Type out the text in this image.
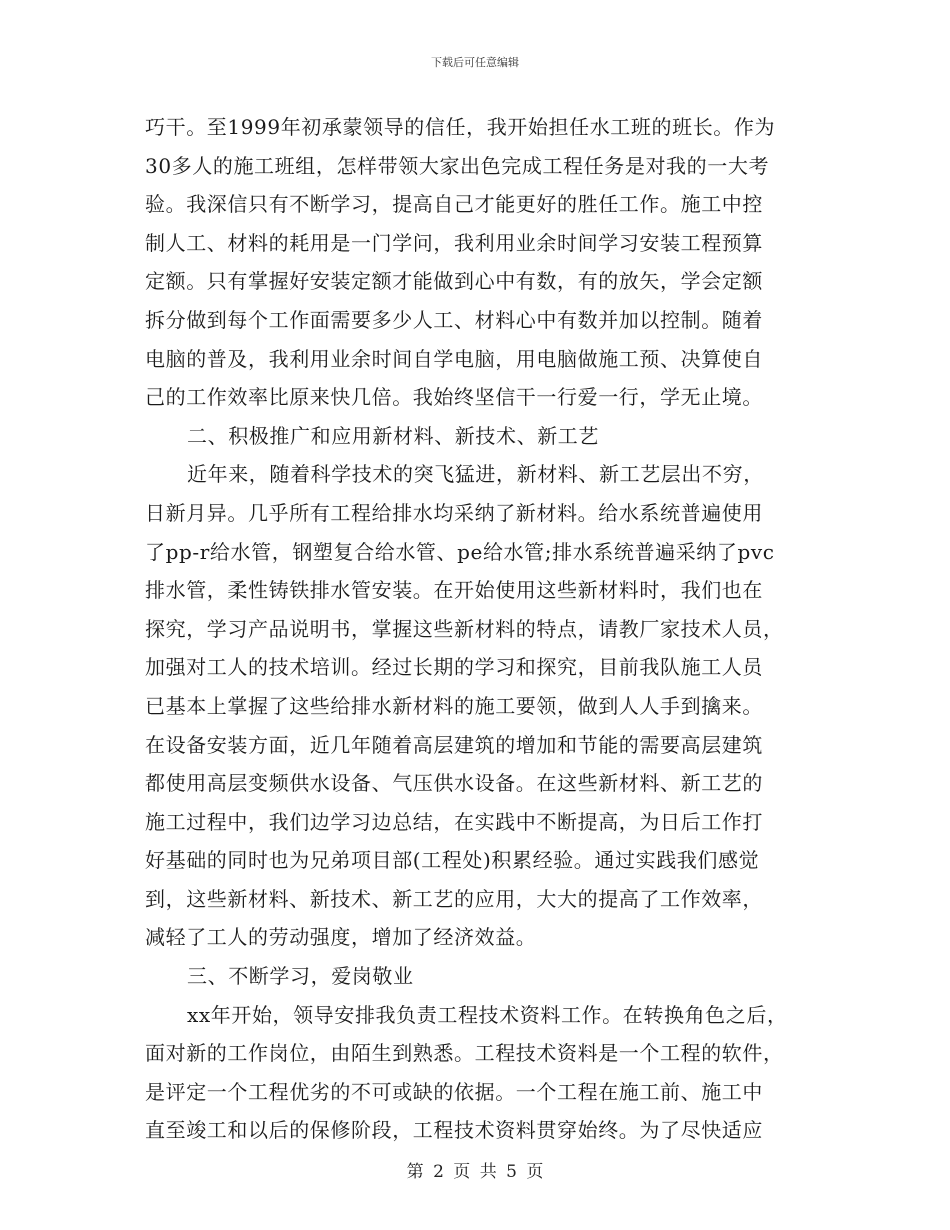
下载后可任意编辑
巧干。至1999年初承蒙领导的信任，我开始担任水工班的班长。作为
30多人的施工班组，怎样带领大家出色完成工程任务是对我的一大考
验。我深信只有不断学习，提高自己才能更好的胜任工作。施工中控
制人工、材料的耗用是一门学问，我利用业余时间学习安装工程预算
定额。只有掌握好安装定额才能做到心中有数，有的放矢，学会定额
拆分做到每个工作面需要多少人工、材料心中有数并加以控制。随着
电脑的普及，我利用业余时间自学电脑，用电脑做施工预、决算使自
己的工作效率比原来快几倍。我始终坚信干一行爱一行，学无止境。
二、积极推广和应用新材料、新技术、新工艺
近年来，随着科学技术的突飞猛进，新材料、新工艺层出不穷，
日新月异。几乎所有工程给排水均采纳了新材料。给水系统普遍使用
了pp-r给水管，钢塑复合给水管、pe给水管;排水系统普遍采纳了pvc
排水管，柔性铸铁排水管安装。在开始使用这些新材料时，我们也在
探究，学习产品说明书，掌握这些新材料的特点，请教厂家技术人员，
加强对工人的技术培训。经过长期的学习和探究，目前我队施工人员
已基本上掌握了这些给排水新材料的施工要领，做到人人手到擒来。
在设备安装方面，近几年随着高层建筑的增加和节能的需要高层建筑
都使用高层变频供水设备、气压供水设备。在这些新材料、新工艺的
施工过程中，我们边学习边总结，在实践中不断提高，为日后工作打
好基础的同时也为兄弟项目部(工程处)积累经验。通过实践我们感觉
到，这些新材料、新技术、新工艺的应用，大大的提高了工作效率，
减轻了工人的劳动强度，增加了经济效益。
三、不断学习，爱岗敬业
xx年开始，领导安排我负责工程技术资料工作。在转换角色之后，
面对新的工作岗位，由陌生到熟悉。工程技术资料是一个工程的软件，
是评定一个工程优劣的不可或缺的依据。一个工程在施工前、施工中
直至竣工和以后的保修阶段，工程技术资料贯穿始终。为了尽快适应
第 2 页 共 5 页
